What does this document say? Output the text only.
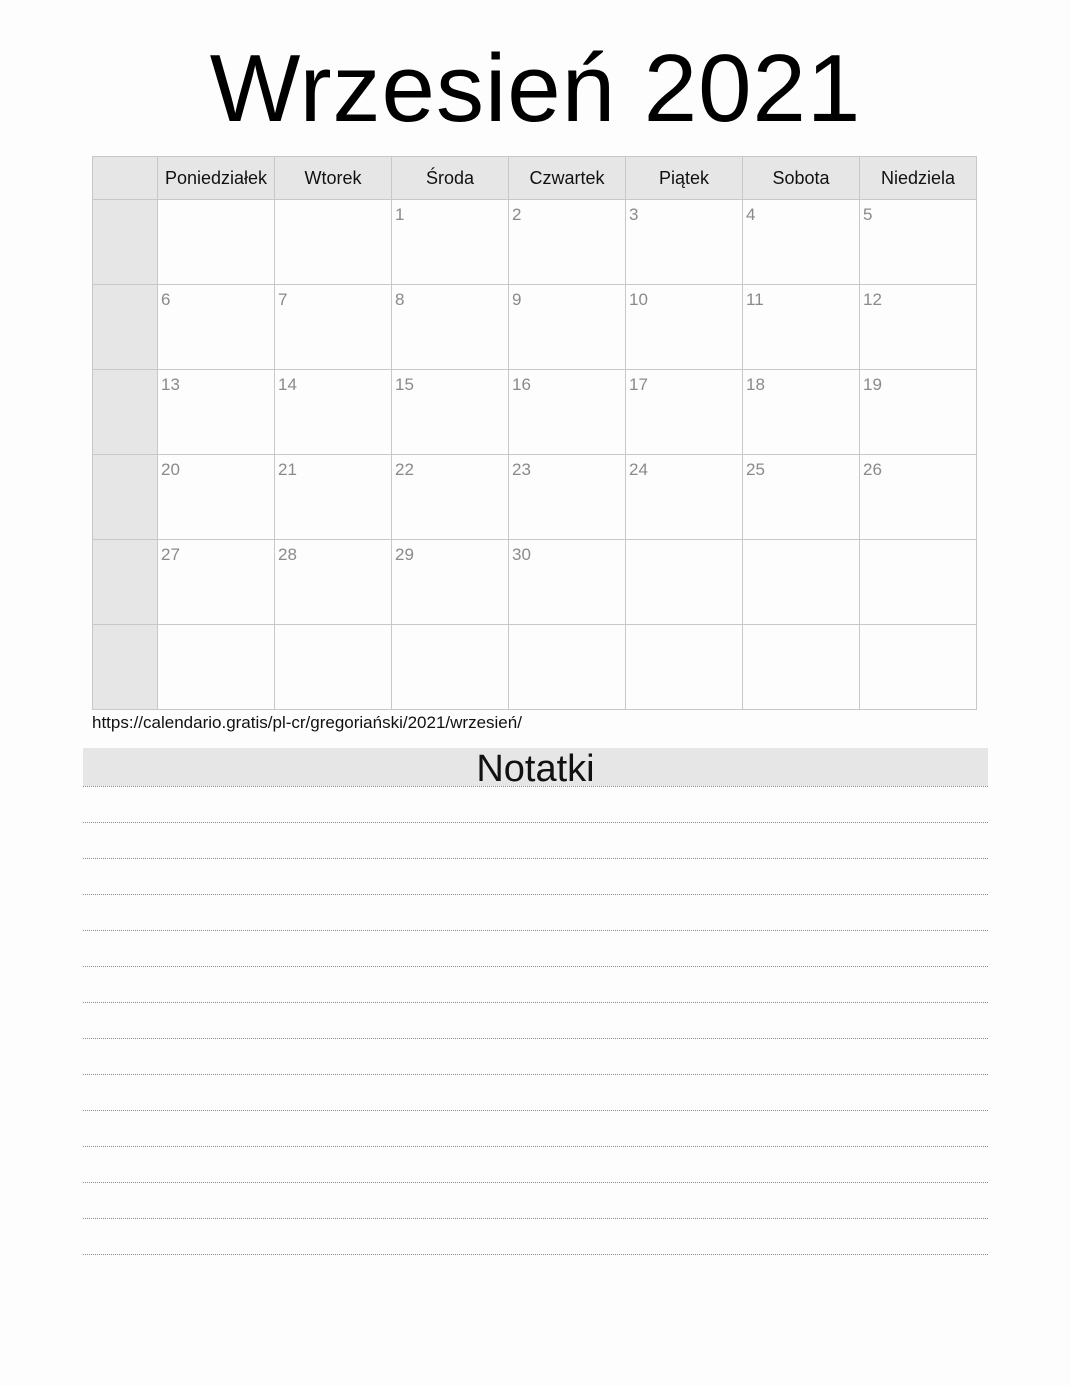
Wrzesień 2021
	Poniedziałek	Wtorek	Środa	Czwartek	Piątek	Sobota	Niedziela

			1	2	3	4	5

	6	7	8	9	10	11	12

	13	14	15	16	17	18	19

	20	21	22	23	24	25	26

	27	28	29	30			

https://calendario.gratis/pl-cr/gregoriański/2021/wrzesień/
Notatki
